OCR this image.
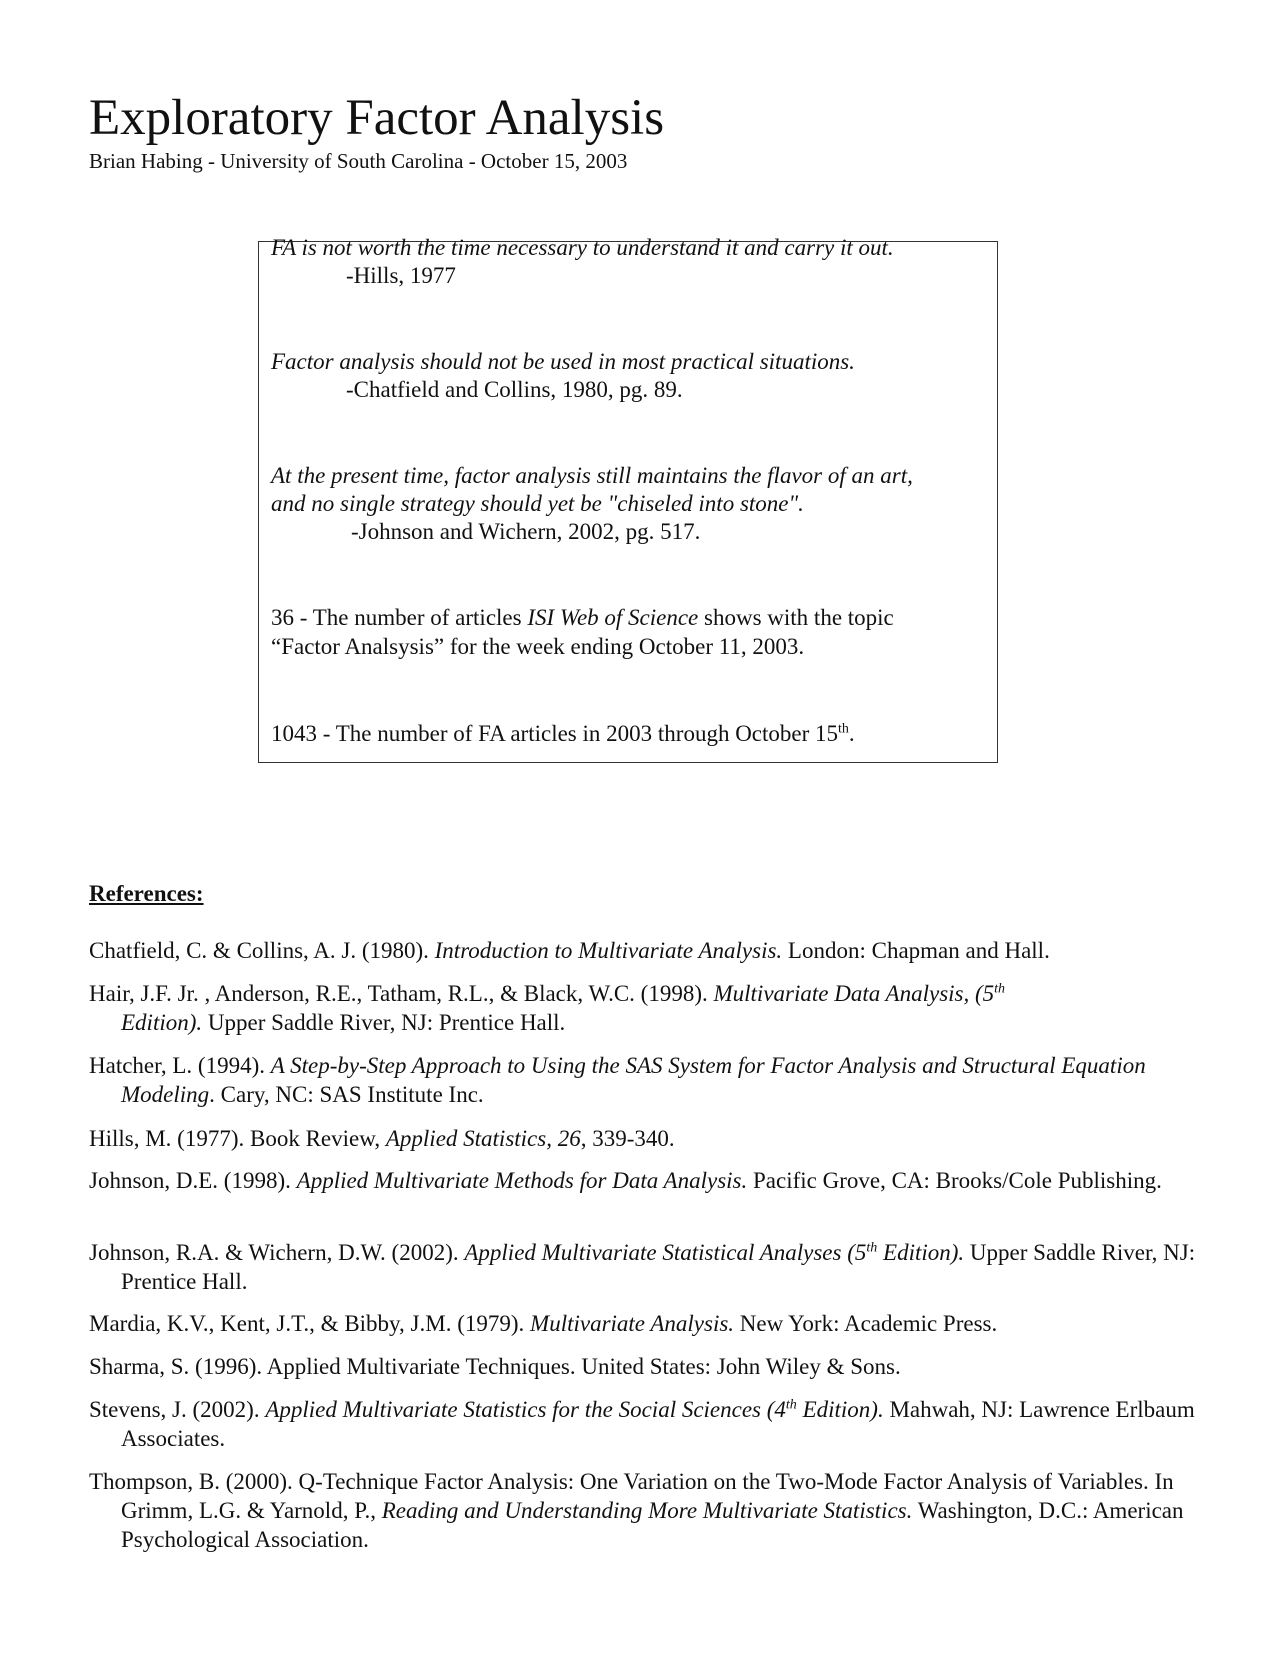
Exploratory Factor Analysis
Brian Habing - University of South Carolina - October 15, 2003
FA is not worth the time necessary to understand it and carry it out.
-Hills, 1977
Factor analysis should not be used in most practical situations.
-Chatfield and Collins, 1980, pg. 89.
At the present time, factor analysis still maintains the flavor of an art,
and no single strategy should yet be "chiseled into stone".
-Johnson and Wichern, 2002, pg. 517.
36 - The number of articles ISI Web of Science shows with the topic
“Factor Analsysis” for the week ending October 11, 2003.
1043 - The number of FA articles in 2003 through October 15th.
References:
Chatfield, C. & Collins, A. J. (1980). Introduction to Multivariate Analysis. London: Chapman and Hall.
Hair, J.F. Jr. , Anderson, R.E., Tatham, R.L., & Black, W.C. (1998). Multivariate Data Analysis, (5th
Edition). Upper Saddle River, NJ: Prentice Hall.
Hatcher, L. (1994). A Step-by-Step Approach to Using the SAS System for Factor Analysis and Structural Equation Modeling. Cary, NC: SAS Institute Inc.
Hills, M. (1977). Book Review, Applied Statistics, 26, 339-340.
Johnson, D.E. (1998). Applied Multivariate Methods for Data Analysis. Pacific Grove, CA: Brooks/Cole Publishing.
Johnson, R.A. & Wichern, D.W. (2002). Applied Multivariate Statistical Analyses (5th Edition). Upper Saddle River, NJ: Prentice Hall.
Mardia, K.V., Kent, J.T., & Bibby, J.M. (1979). Multivariate Analysis. New York: Academic Press.
Sharma, S. (1996). Applied Multivariate Techniques. United States: John Wiley & Sons.
Stevens, J. (2002). Applied Multivariate Statistics for the Social Sciences (4th Edition). Mahwah, NJ: Lawrence Erlbaum Associates.
Thompson, B. (2000). Q-Technique Factor Analysis: One Variation on the Two-Mode Factor Analysis of Variables. In Grimm, L.G. & Yarnold, P., Reading and Understanding More Multivariate Statistics. Washington, D.C.: American Psychological Association.
